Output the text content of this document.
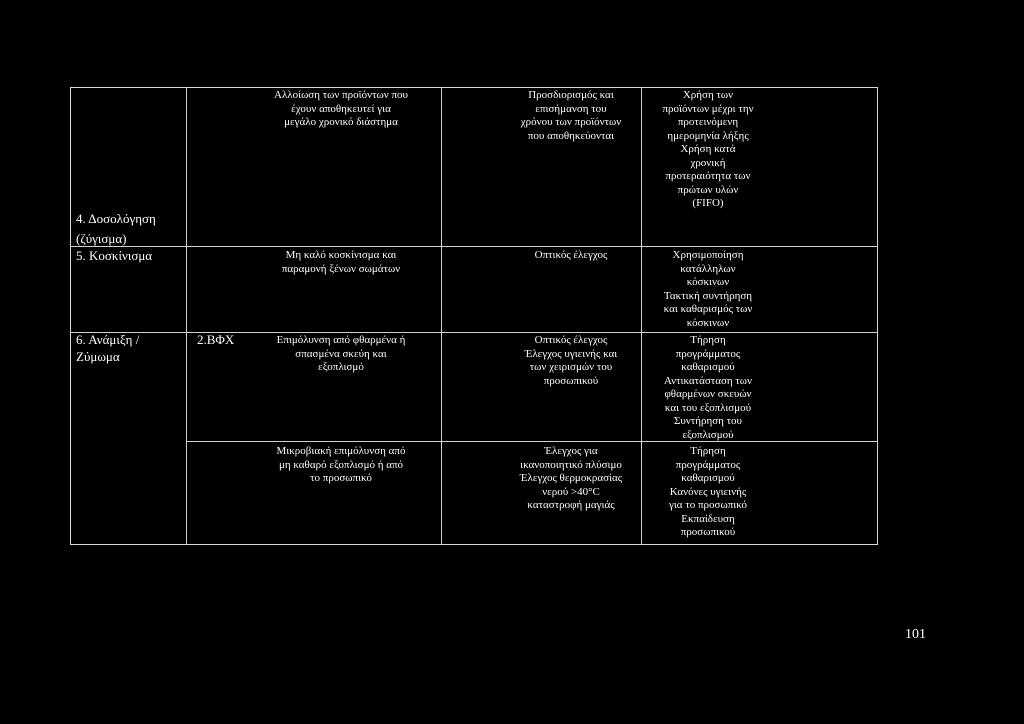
4. Δοσολόγηση
(ζύγισμα)
5. Κοσκίνισμα
6. Ανάμιξη /
Ζύμωμα
2.ΒΦΧ
Αλλοίωση των προϊόντων που
έχουν αποθηκευτεί για
μεγάλο χρονικό διάστημα
Μη καλό κοσκίνισμα και
παραμονή ξένων σωμάτων
Επιμόλυνση από φθαρμένα ή
σπασμένα σκεύη και
εξοπλισμό
Μικροβιακή επιμόλυνση από
μη καθαρό εξοπλισμό ή από
το προσωπικό
Προσδιορισμός και
επισήμανση του
χρόνου των προϊόντων
που αποθηκεύονται
Οπτικός έλεγχος
Οπτικός έλεγχος
Έλεγχος υγιεινής και
των χειρισμών του
προσωπικού
Έλεγχος για
ικανοποιητικό πλύσιμο
Έλεγχος θερμοκρασίας
νερού >40°C
καταστροφή μαγιάς
Χρήση των
προϊόντων μέχρι την
προτεινόμενη
ημερομηνία λήξης
Χρήση κατά
χρονική
προτεραιότητα των
πρώτων υλών
(FIFO)
Χρησιμοποίηση
κατάλληλων
κόσκινων
Τακτική συντήρηση
και καθαρισμός των
κόσκινων
Τήρηση
προγράμματος
καθαρισμού
Αντικατάσταση των
φθαρμένων σκευών
και του εξοπλισμού
Συντήρηση του
εξοπλισμού
Τήρηση
προγράμματος
καθαρισμού
Κανόνες υγιεινής
για το προσωπικό
Εκπαίδευση
προσωπικού
101
